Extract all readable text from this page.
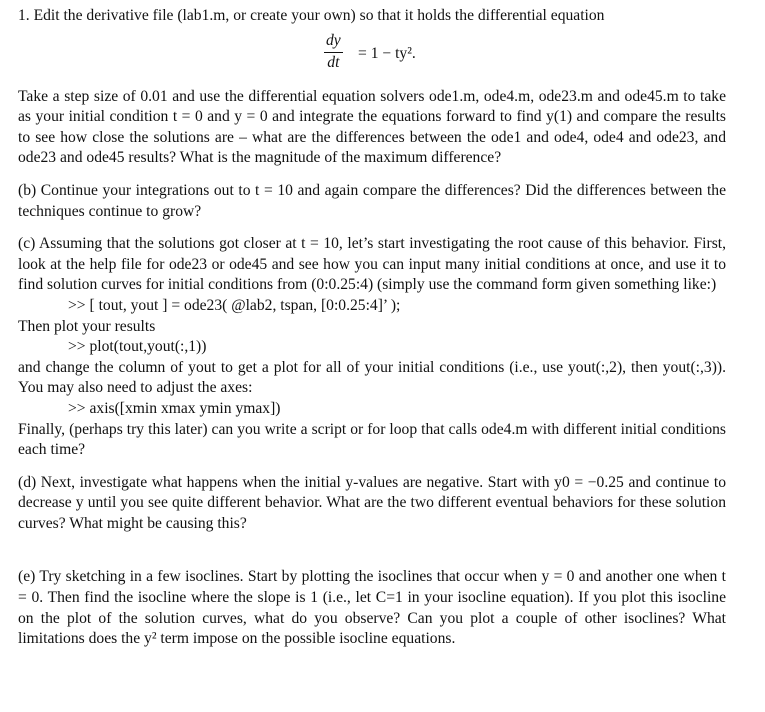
1. Edit the derivative file (lab1.m, or create your own) so that it holds the differential equation

$\frac{dy}{dt} = 1 - ty^2$.

Take a step size of 0.01 and use the differential equation solvers ode1.m, ode4.m, ode23.m and ode45.m to take as your initial condition t = 0 and y = 0 and integrate the equations forward to find y(1) and compare the results to see how close the solutions are – what are the differences between the ode1 and ode4, ode4 and ode23, and ode23 and ode45 results? What is the magnitude of the maximum difference?

(b) Continue your integrations out to t = 10 and again compare the differences? Did the differences between the techniques continue to grow?

(c) Assuming that the solutions got closer at t = 10, let’s start investigating the root cause of this behavior. First, look at the help file for ode23 or ode45 and see how you can input many initial conditions at once, and use it to find solution curves for initial conditions from (0:0.25:4) (simply use the command form given something like:)

>> [ tout, yout ] = ode23( @lab2, tspan, [0:0.25:4]’ );

Then plot your results

>> plot(tout,yout(:,1))

and change the column of yout to get a plot for all of your initial conditions (i.e., use yout(:,2), then yout(:,3)). You may also need to adjust the axes:

>> axis([xmin xmax ymin ymax])

Finally, (perhaps try this later) can you write a script or for loop that calls ode4.m with different initial conditions each time?

(d) Next, investigate what happens when the initial y-values are negative. Start with y0 = −0.25 and continue to decrease y until you see quite different behavior. What are the two different eventual behaviors for these solution curves? What might be causing this?

(e) Try sketching in a few isoclines. Start by plotting the isoclines that occur when y = 0 and another one when t = 0. Then find the isocline where the slope is 1 (i.e., let C=1 in your isocline equation). If you plot this isocline on the plot of the solution curves, what do you observe? Can you plot a couple of other isoclines? What limitations does the y² term impose on the possible isocline equations.
